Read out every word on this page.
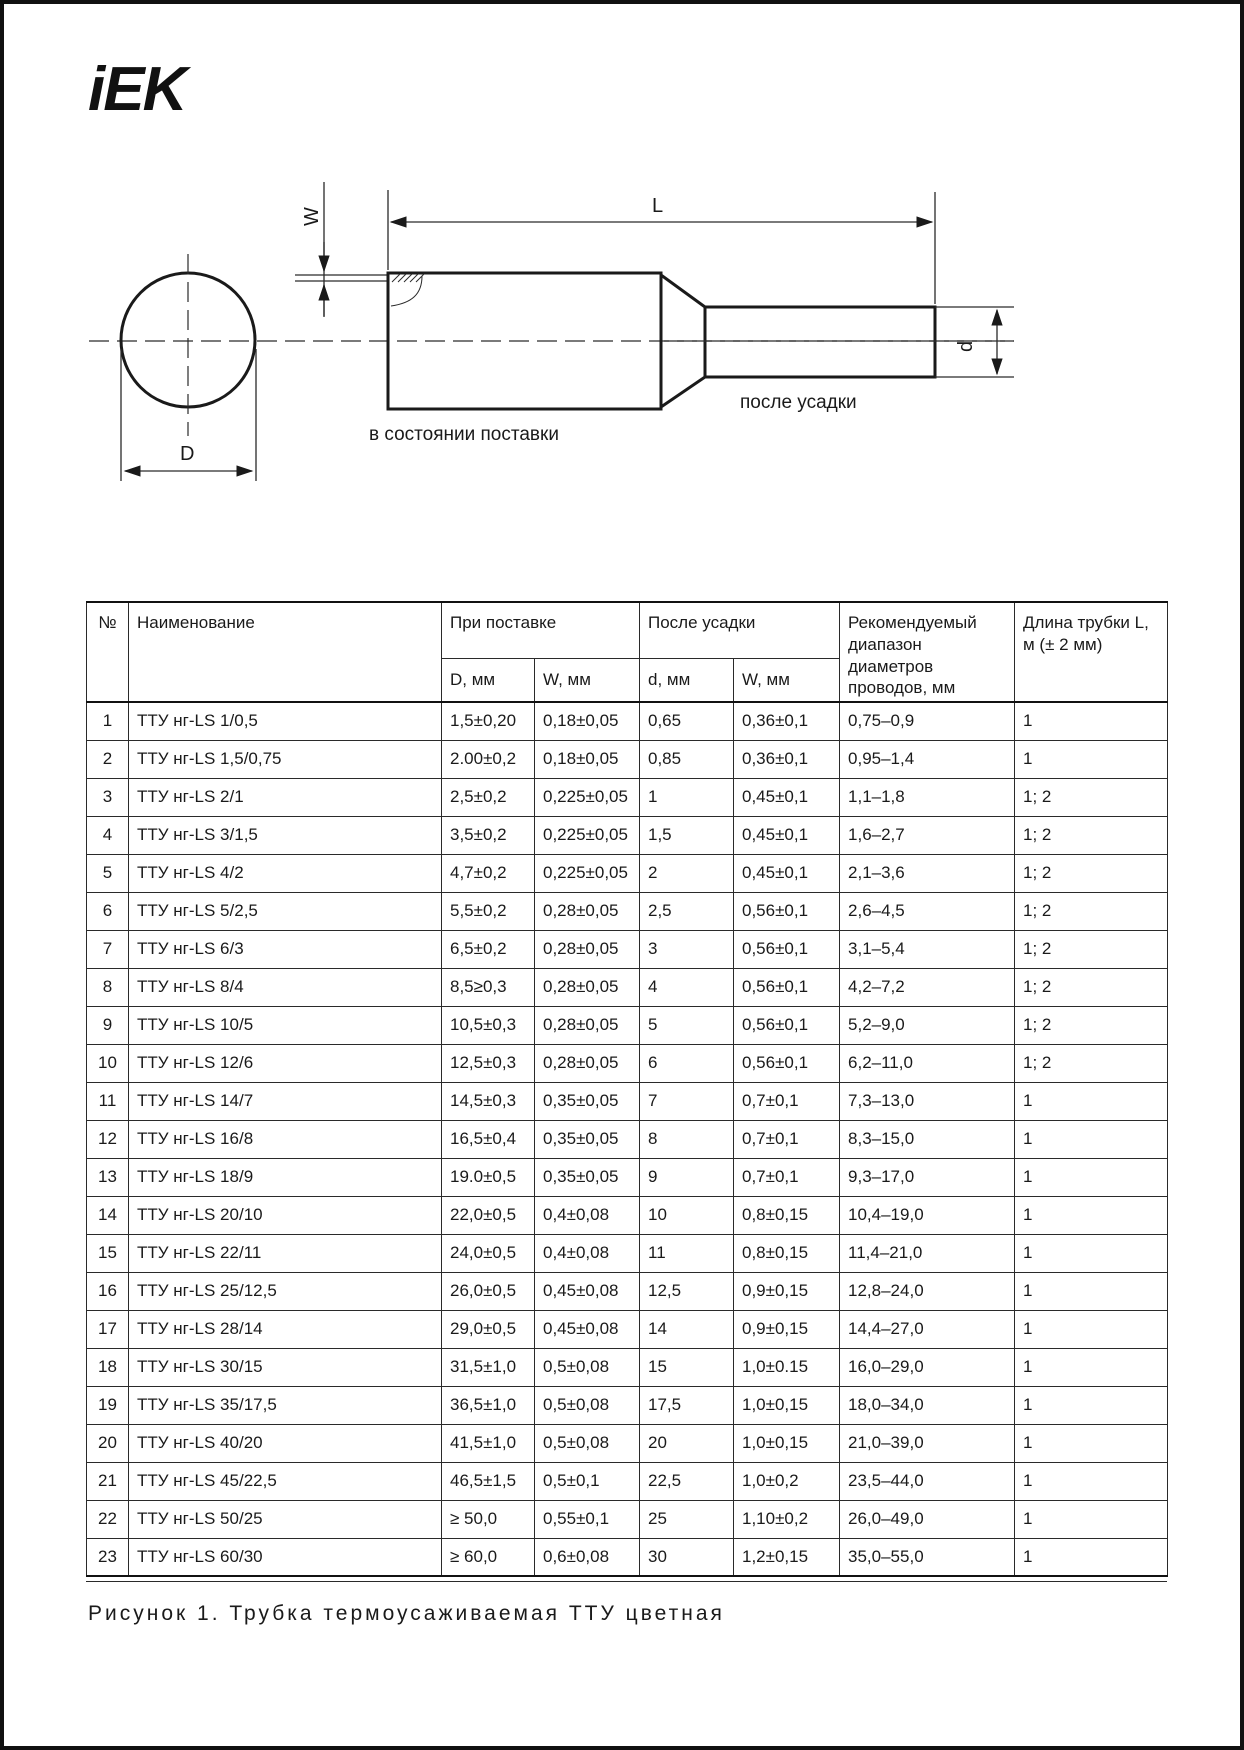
iEK
D
W	L
d
в состоянии поставки
после усадки
№	Наименование	При поставке		После усадки		Рекомендуемый диапазон диаметров проводов, мм	Длина трубки L, м (± 2 мм)
		D, мм	W, мм	d, мм	W, мм		
1	ТТУ нг-LS 1/0,5	1,5±0,20	0,18±0,05	0,65	0,36±0,1	0,75–0,9	1
2	ТТУ нг-LS 1,5/0,75	2.00±0,2	0,18±0,05	0,85	0,36±0,1	0,95–1,4	1
3	ТТУ нг-LS 2/1	2,5±0,2	0,225±0,05	1	0,45±0,1	1,1–1,8	1; 2
4	ТТУ нг-LS 3/1,5	3,5±0,2	0,225±0,05	1,5	0,45±0,1	1,6–2,7	1; 2
5	ТТУ нг-LS 4/2	4,7±0,2	0,225±0,05	2	0,45±0,1	2,1–3,6	1; 2
6	ТТУ нг-LS 5/2,5	5,5±0,2	0,28±0,05	2,5	0,56±0,1	2,6–4,5	1; 2
7	ТТУ нг-LS 6/3	6,5±0,2	0,28±0,05	3	0,56±0,1	3,1–5,4	1; 2
8	ТТУ нг-LS 8/4	8,5≥0,3	0,28±0,05	4	0,56±0,1	4,2–7,2	1; 2
9	ТТУ нг-LS 10/5	10,5±0,3	0,28±0,05	5	0,56±0,1	5,2–9,0	1; 2
10	ТТУ нг-LS 12/6	12,5±0,3	0,28±0,05	6	0,56±0,1	6,2–11,0	1; 2
11	ТТУ нг-LS 14/7	14,5±0,3	0,35±0,05	7	0,7±0,1	7,3–13,0	1
12	ТТУ нг-LS 16/8	16,5±0,4	0,35±0,05	8	0,7±0,1	8,3–15,0	1
13	ТТУ нг-LS 18/9	19.0±0,5	0,35±0,05	9	0,7±0,1	9,3–17,0	1
14	ТТУ нг-LS 20/10	22,0±0,5	0,4±0,08	10	0,8±0,15	10,4–19,0	1
15	ТТУ нг-LS 22/11	24,0±0,5	0,4±0,08	11	0,8±0,15	11,4–21,0	1
16	ТТУ нг-LS 25/12,5	26,0±0,5	0,45±0,08	12,5	0,9±0,15	12,8–24,0	1
17	ТТУ нг-LS 28/14	29,0±0,5	0,45±0,08	14	0,9±0,15	14,4–27,0	1
18	ТТУ нг-LS 30/15	31,5±1,0	0,5±0,08	15	1,0±0.15	16,0–29,0	1
19	ТТУ нг-LS 35/17,5	36,5±1,0	0,5±0,08	17,5	1,0±0,15	18,0–34,0	1
20	ТТУ нг-LS 40/20	41,5±1,0	0,5±0,08	20	1,0±0,15	21,0–39,0	1
21	ТТУ нг-LS 45/22,5	46,5±1,5	0,5±0,1	22,5	1,0±0,2	23,5–44,0	1
22	ТТУ нг-LS 50/25	≥ 50,0	0,55±0,1	25	1,10±0,2	26,0–49,0	1
23	ТТУ нг-LS 60/30	≥ 60,0	0,6±0,08	30	1,2±0,15	35,0–55,0	1
Рисунок 1. Трубка термоусаживаемая ТТУ цветная
